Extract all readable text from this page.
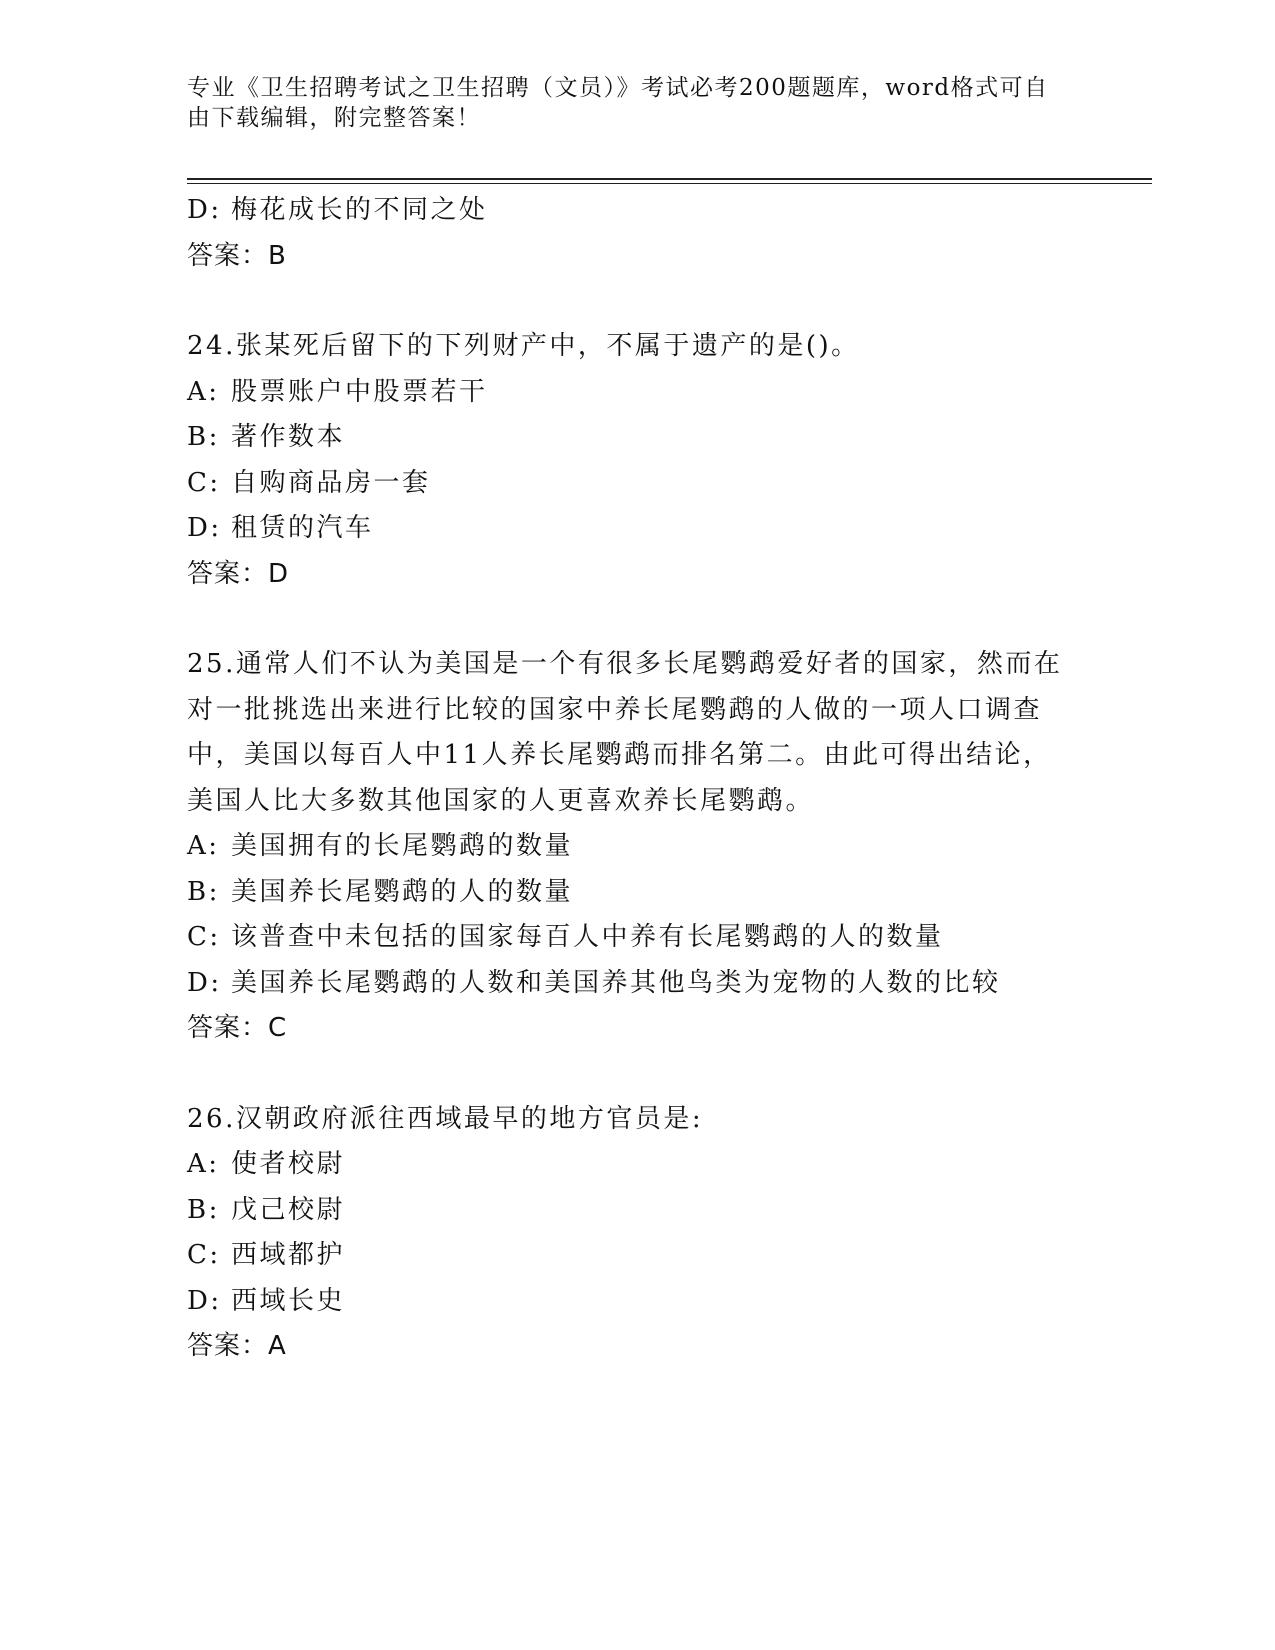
专业《卫生招聘考试之卫生招聘（文员）》考试必考200题题库，word格式可自由下载编辑，附完整答案！
D: 梅花成长的不同之处
答案：B
24.张某死后留下的下列财产中，不属于遗产的是()。
A: 股票账户中股票若干
B: 著作数本
C: 自购商品房一套
D: 租赁的汽车
答案：D
25.通常人们不认为美国是一个有很多长尾鹦鹉爱好者的国家，然而在对一批挑选出来进行比较的国家中养长尾鹦鹉的人做的一项人口调查中，美国以每百人中11人养长尾鹦鹉而排名第二。由此可得出结论，美国人比大多数其他国家的人更喜欢养长尾鹦鹉。
A: 美国拥有的长尾鹦鹉的数量
B: 美国养长尾鹦鹉的人的数量
C: 该普查中未包括的国家每百人中养有长尾鹦鹉的人的数量
D: 美国养长尾鹦鹉的人数和美国养其他鸟类为宠物的人数的比较
答案：C
26.汉朝政府派往西域最早的地方官员是:
A: 使者校尉
B: 戊己校尉
C: 西域都护
D: 西域长史
答案：A
